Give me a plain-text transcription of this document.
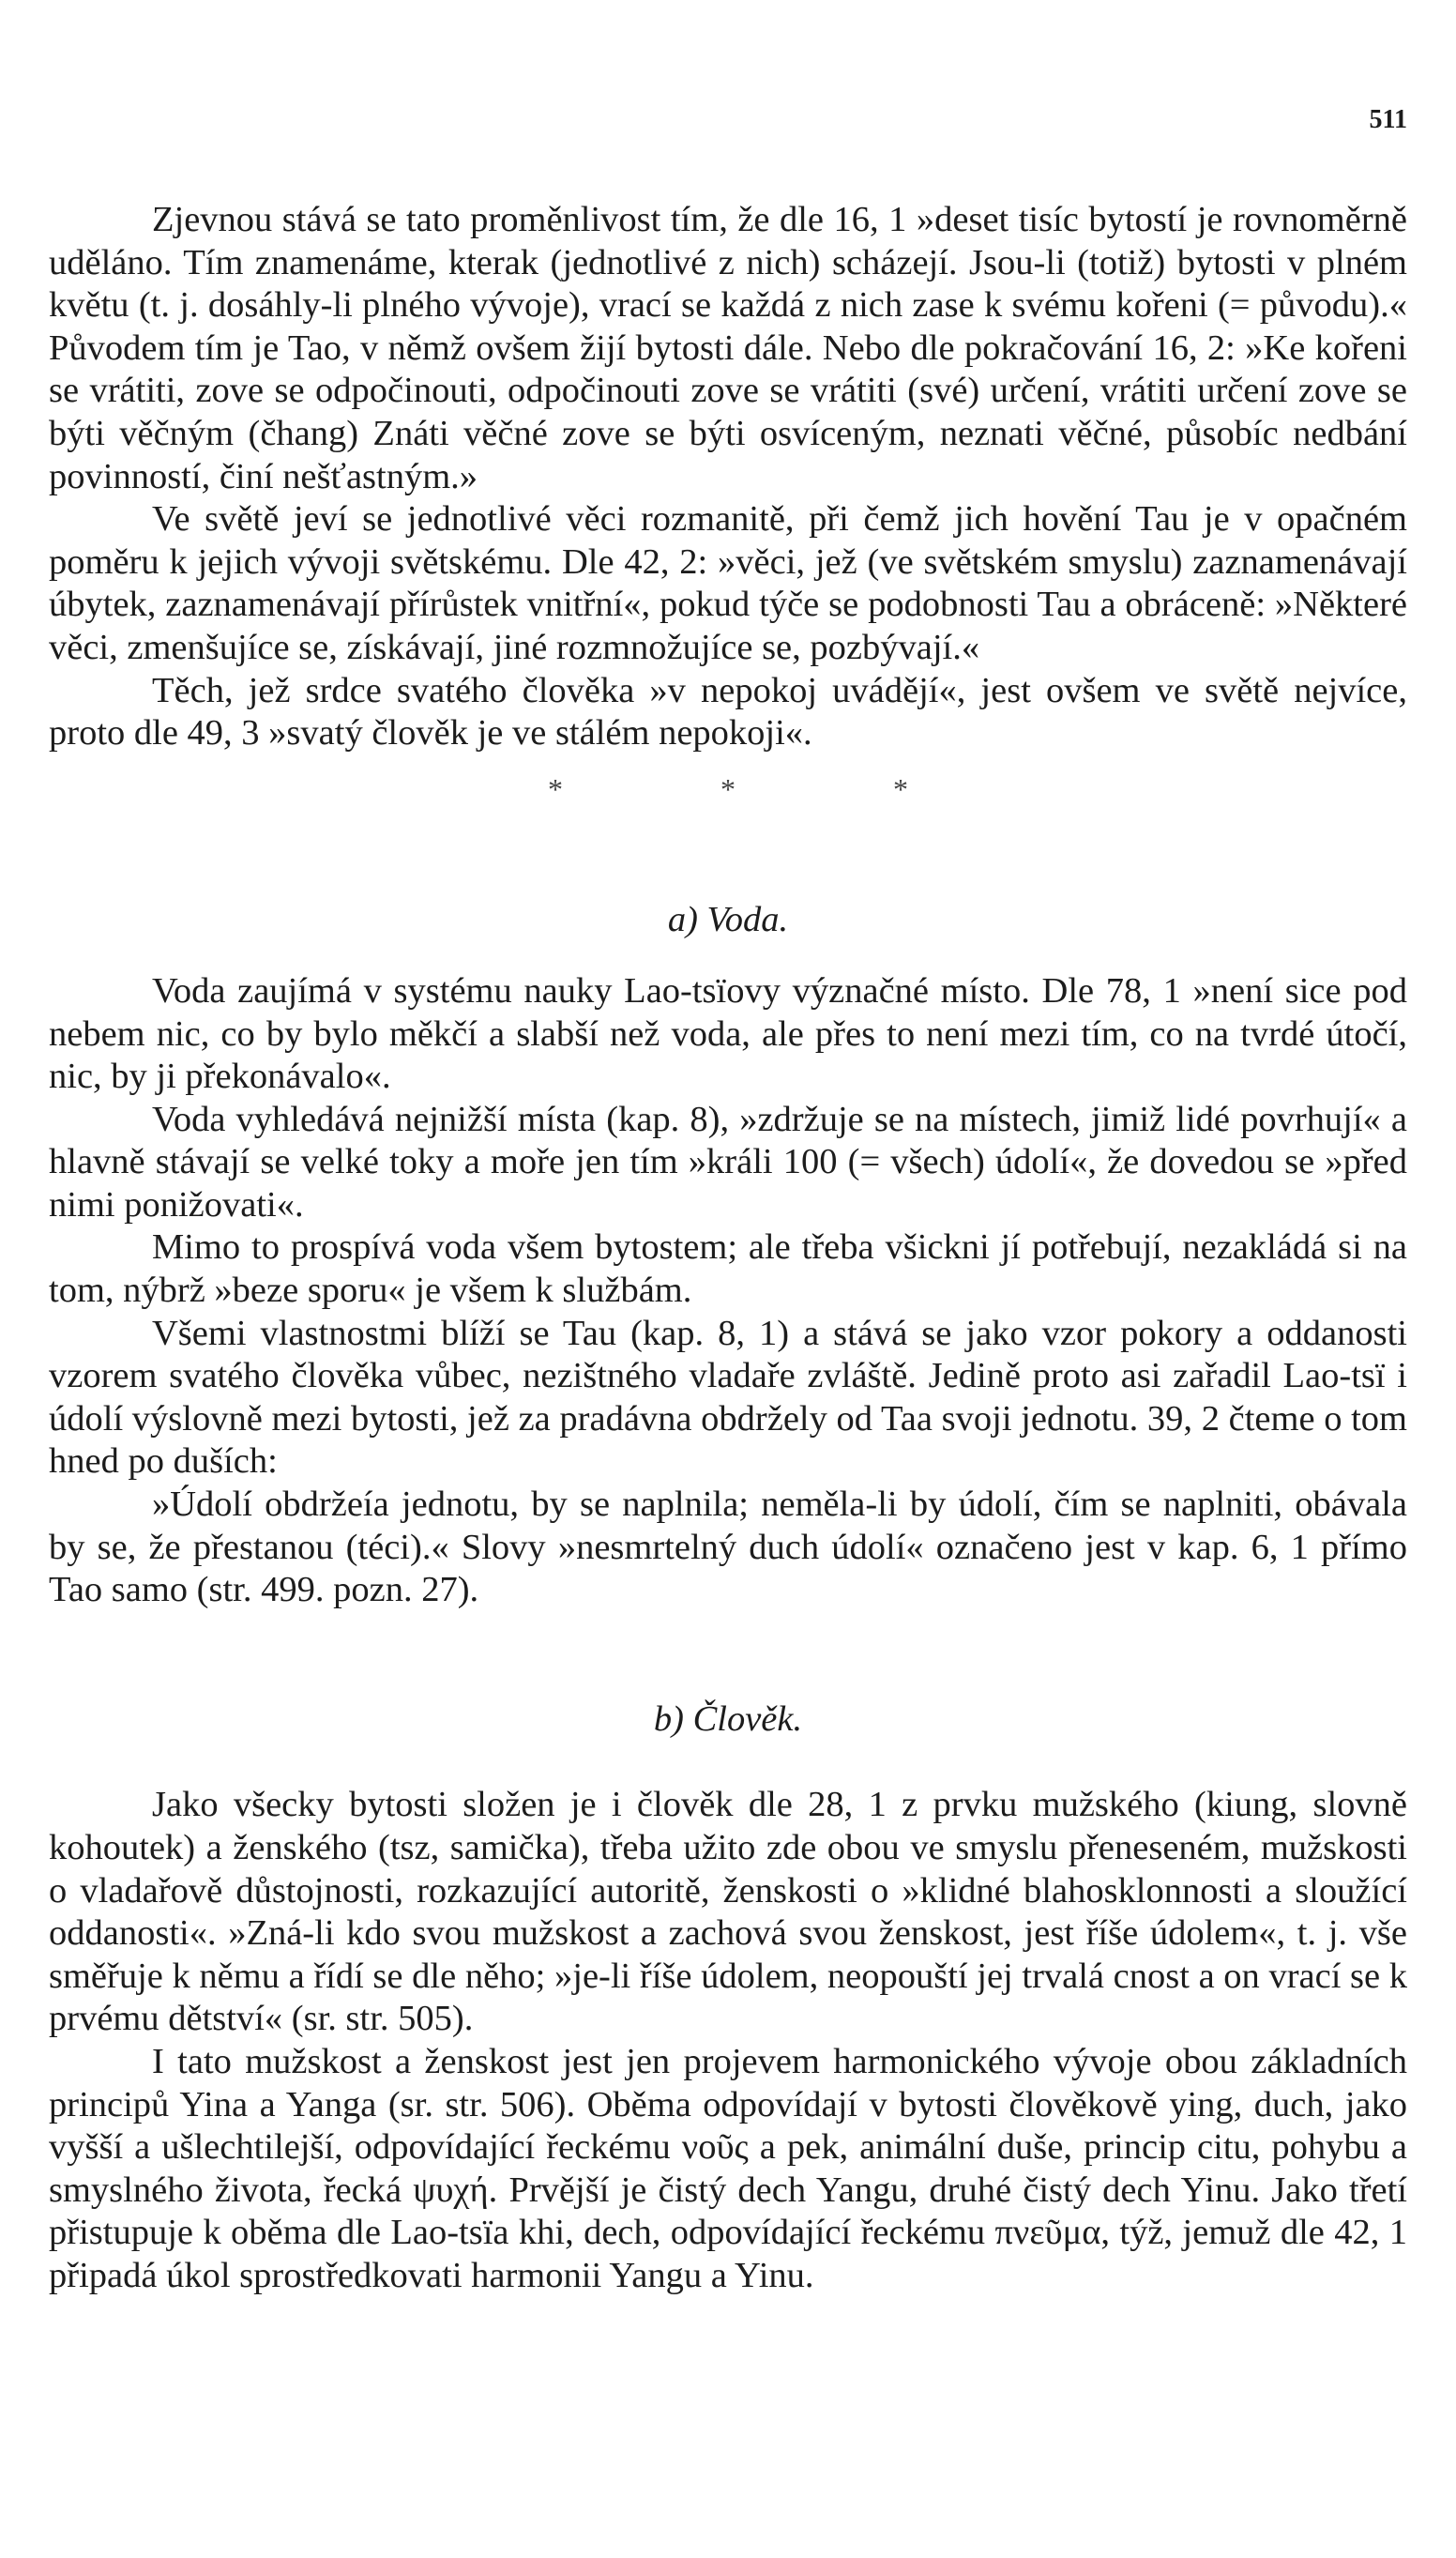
511

Zjevnou stává se tato proměnlivost tím, že dle 16, 1 »deset tisíc bytostí je rovnoměrně uděláno. Tím znamenáme, kterak (jednotlivé z nich) scházejí. Jsou-li (totiž) bytosti v plném květu (t. j. dosáhly-li plného vývoje), vrací se každá z nich zase k svému kořeni (= původu).« Původem tím je Tao, v němž ovšem žijí bytosti dále. Nebo dle pokračování 16, 2: »Ke kořeni se vrátiti, zove se odpočinouti, odpočinouti zove se vrátiti (své) určení, vrátiti určení zove se býti věčným (čhang) Znáti věčné zove se býti osvíceným, neznati věčné, působíc nedbání povinností, činí nešťastným.»

Ve světě jeví se jednotlivé věci rozmanitě, při čemž jich hovění Tau je v opačném poměru k jejich vývoji světskému. Dle 42, 2: »věci, jež (ve světském smyslu) zaznamenávají úbytek, zaznamenávají přírůstek vnitřní«, pokud týče se podobnosti Tau a obráceně: »Některé věci, zmenšujíce se, získávají, jiné rozmnožujíce se, pozbývají.«

Těch, jež srdce svatého člověka »v nepokoj uvádějí«, jest ovšem ve světě nejvíce, proto dle 49, 3 »svatý člověk je ve stálém nepokoji«.

* * *
a) Voda.

Voda zaujímá v systému nauky Lao-tsïovy význačné místo. Dle 78, 1 »není sice pod nebem nic, co by bylo měkčí a slabší než voda, ale přes to není mezi tím, co na tvrdé útočí, nic, by ji překonávalo«.

Voda vyhledává nejnižší místa (kap. 8), »zdržuje se na místech, jimiž lidé povrhují« a hlavně stávají se velké toky a moře jen tím »králi 100 (= všech) údolí«, že dovedou se »před nimi ponižovati«.

Mimo to prospívá voda všem bytostem; ale třeba všickni jí potřebují, nezakládá si na tom, nýbrž »beze sporu« je všem k službám.

Všemi vlastnostmi blíží se Tau (kap. 8, 1) a stává se jako vzor pokory a oddanosti vzorem svatého člověka vůbec, nezištného vladaře zvláště. Jedině proto asi zařadil Lao-tsï i údolí výslovně mezi bytosti, jež za pradávna obdržely od Taa svoji jednotu. 39, 2 čteme o tom hned po duších:

»Údolí obdržeía jednotu, by se naplnila; neměla-li by údolí, čím se naplniti, obávala by se, že přestanou (téci).« Slovy »nesmrtelný duch údolí« označeno jest v kap. 6, 1 přímo Tao samo (str. 499. pozn. 27).

b) Člověk.

Jako všecky bytosti složen je i člověk dle 28, 1 z prvku mužského (kiung, slovně kohoutek) a ženského (tsz, samička), třeba užito zde obou ve smyslu přeneseném, mužskosti o vladařově důstojnosti, rozkazující autoritě, ženskosti o »klidné blahosklonnosti a sloužící oddanosti«. »Zná-li kdo svou mužskost a zachová svou ženskost, jest říše údolem«, t. j. vše směřuje k němu a řídí se dle něho; »je-li říše údolem, neopouští jej trvalá cnost a on vrací se k prvému dětství« (sr. str. 505).

I tato mužskost a ženskost jest jen projevem harmonického vývoje obou základních principů Yina a Yanga (sr. str. 506). Oběma odpovídají v bytosti člověkově ying, duch, jako vyšší a ušlechtilejší, odpovídající řeckému νοῦς a pek, animální duše, princip citu, pohybu a smyslného života, řecká ψυχή. Prvější je čistý dech Yangu, druhé čistý dech Yinu. Jako třetí přistupuje k oběma dle Lao-tsïa khi, dech, odpovídající řeckému πνεῦμα, týž, jemuž dle 42, 1 připadá úkol sprostředkovati harmonii Yangu a Yinu.
